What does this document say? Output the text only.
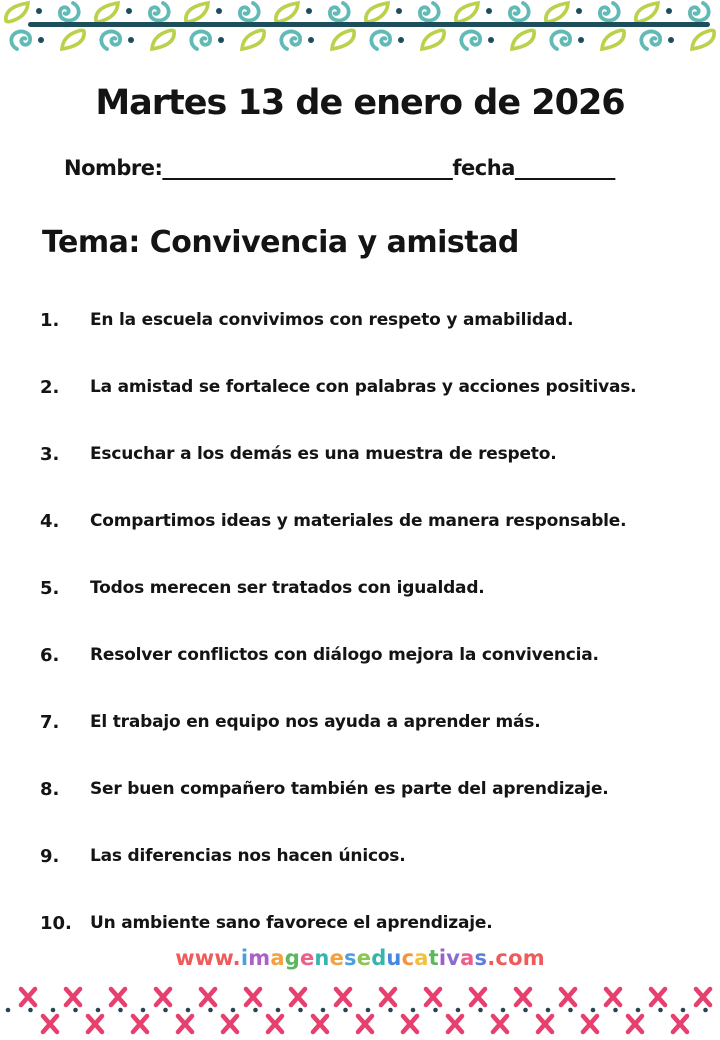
Martes 13 de enero de 2026
Nombre:_____________________________fecha__________
Tema: Convivencia y amistad
1.	En la escuela convivimos con respeto y amabilidad.
2.	La amistad se fortalece con palabras y acciones positivas.
3.	Escuchar a los demás es una muestra de respeto.
4.	Compartimos ideas y materiales de manera responsable.
5.	Todos merecen ser tratados con igualdad.
6.	Resolver conflictos con diálogo mejora la convivencia.
7.	El trabajo en equipo nos ayuda a aprender más.
8.	Ser buen compañero también es parte del aprendizaje.
9.	Las diferencias nos hacen únicos.
10.	Un ambiente sano favorece el aprendizaje.
www.imageneseducativas.com
